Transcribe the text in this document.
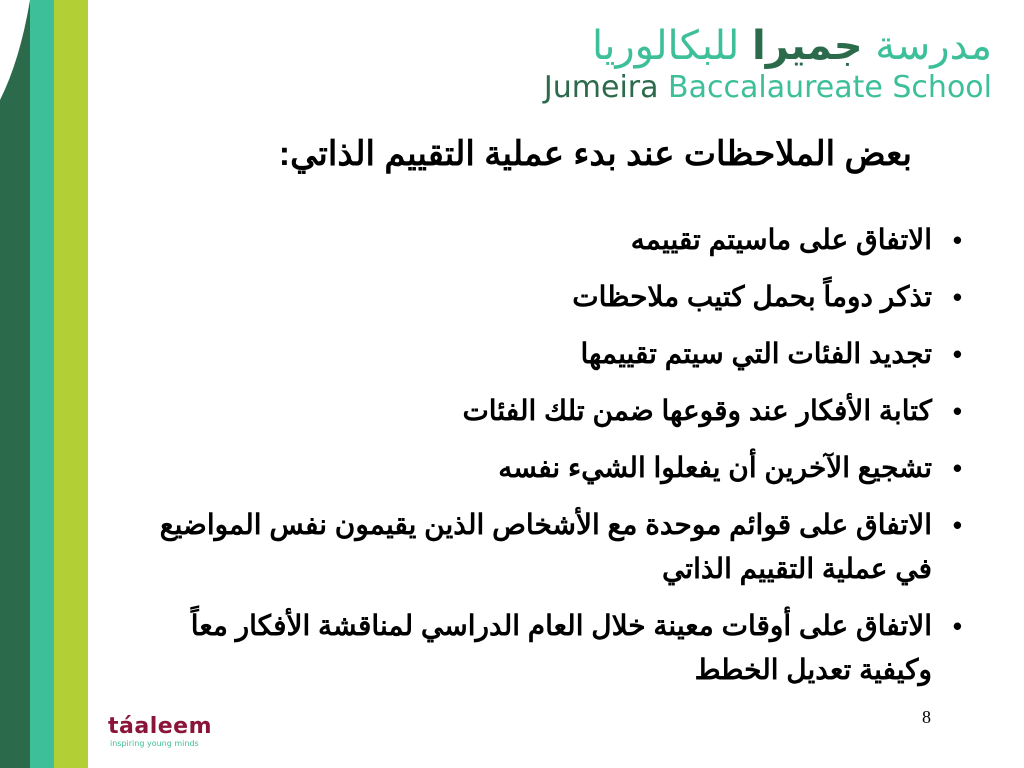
مدرسة جميرا للبكالوريا
Jumeira Baccalaureate School
بعض الملاحظات عند بدء عملية التقييم الذاتي:
•
الاتفاق على ماسيتم تقييمه
•
تذكر دوماً بحمل كتيب ملاحظات
•
تجديد الفئات التي سيتم تقييمها
•
كتابة الأفكار عند وقوعها ضمن تلك الفئات
•
تشجيع الآخرين أن يفعلوا الشيء نفسه
•
الاتفاق على قوائم موحدة مع الأشخاص الذين يقيمون نفس المواضيع في عملية التقييم الذاتي
•
الاتفاق على أوقات معينة خلال العام الدراسي لمناقشة الأفكار معاً وكيفية تعديل الخطط
táaleem
inspiring young minds
8
